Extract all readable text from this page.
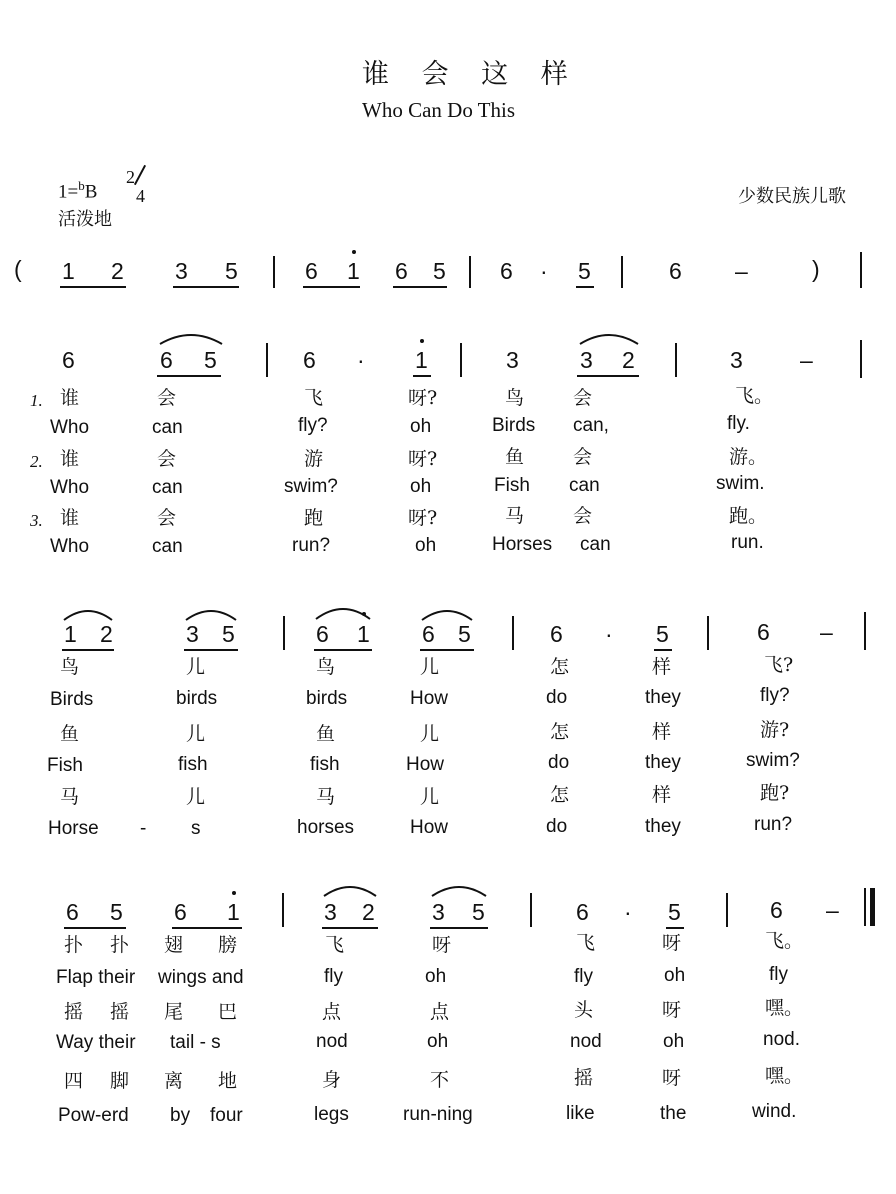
谁 会 这 样
Who Can Do This
1=$^b$B
2
4
活泼地
少数民族儿歌
( 1 2 3 5	6 1 6 5 6 · 5	6 –	)
6	6 5	6 · 1	3	3 2	3 –
1. 谁	会	飞	呀?	鸟	会	飞。
Who	can	fly?	oh	Birds can,	fly.
2. 谁	会	游	呀?	鱼	会	游。
Who	can	swim?	oh	Fish can	swim.
3. 谁	会	跑	呀?	马	会	跑。
Who	can	run?	oh	Horses can	run.
1 2	3 5	6 1 6 5	6 · 5	6 –
鸟	儿	鸟	儿	怎	样	飞?
Birds	birds	birds	How	do	they	fly?
鱼	儿	鱼	儿	怎	样	游?
Fish	fish	fish	How	do	they	swim?
马	儿	马	儿	怎	样	跑?
Horse - s	horses	How	do	they	run?
6 5 6 1	3 2 3 5	6 · 5	6 –
扑 扑 翅 膀	飞	呀	飞	呀	飞。
Flap their wings and	fly	oh	fly	oh	fly
摇 摇 尾 巴	点	点	头	呀	嘿。
Way their tail - s	nod	oh	nod	oh	nod.
四 脚 离 地	身	不	摇	呀	嘿。
Pow-erd by four	legs	run-ning	like	the	wind.
